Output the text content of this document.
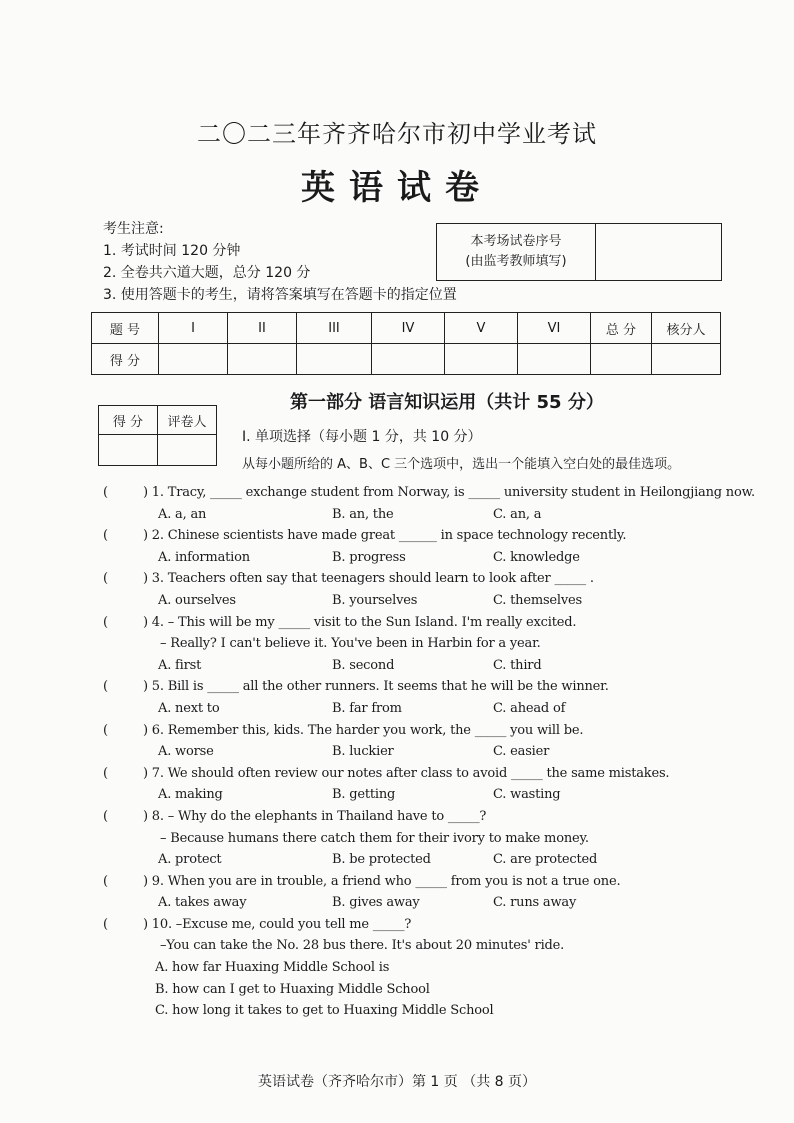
二〇二三年齐齐哈尔市初中学业考试
英语试卷
考生注意:
1. 考试时间 120 分钟
2. 全卷共六道大题，总分 120 分
3. 使用答题卡的考生，请将答案填写在答题卡的指定位置
本考场试卷序号
(由监考教师填写)
题 号	I	II	III	IV	V	VI	总 分	核分人
得 分								
第一部分 语言知识运用（共计 55 分）
得 分	评卷人

I. 单项选择（每小题 1 分，共 10 分）
从每小题所给的 A、B、C 三个选项中，选出一个能填入空白处的最佳选项。
(	) 1. Tracy, _____ exchange student from Norway, is _____ university student in Heilongjiang now.
A. a, an	B. an, the	C. an, a
(	) 2. Chinese scientists have made great ______ in space technology recently.
A. information	B. progress	C. knowledge
(	) 3. Teachers often say that teenagers should learn to look after _____ .
A. ourselves	B. yourselves	C. themselves
(	) 4. – This will be my _____ visit to the Sun Island. I'm really excited.
– Really? I can't believe it. You've been in Harbin for a year.
A. first	B. second	C. third
(	) 5. Bill is _____ all the other runners. It seems that he will be the winner.
A. next to	B. far from	C. ahead of
(	) 6. Remember this, kids. The harder you work, the _____ you will be.
A. worse	B. luckier	C. easier
(	) 7. We should often review our notes after class to avoid _____ the same mistakes.
A. making	B. getting	C. wasting
(	) 8. – Why do the elephants in Thailand have to _____?
– Because humans there catch them for their ivory to make money.
A. protect	B. be protected	C. are protected
(	) 9. When you are in trouble, a friend who _____ from you is not a true one.
A. takes away	B. gives away	C. runs away
(	) 10. –Excuse me, could you tell me _____?
–You can take the No. 28 bus there. It's about 20 minutes' ride.
A. how far Huaxing Middle School is
B. how can I get to Huaxing Middle School
C. how long it takes to get to Huaxing Middle School
英语试卷（齐齐哈尔市）第 1 页 （共 8 页）
